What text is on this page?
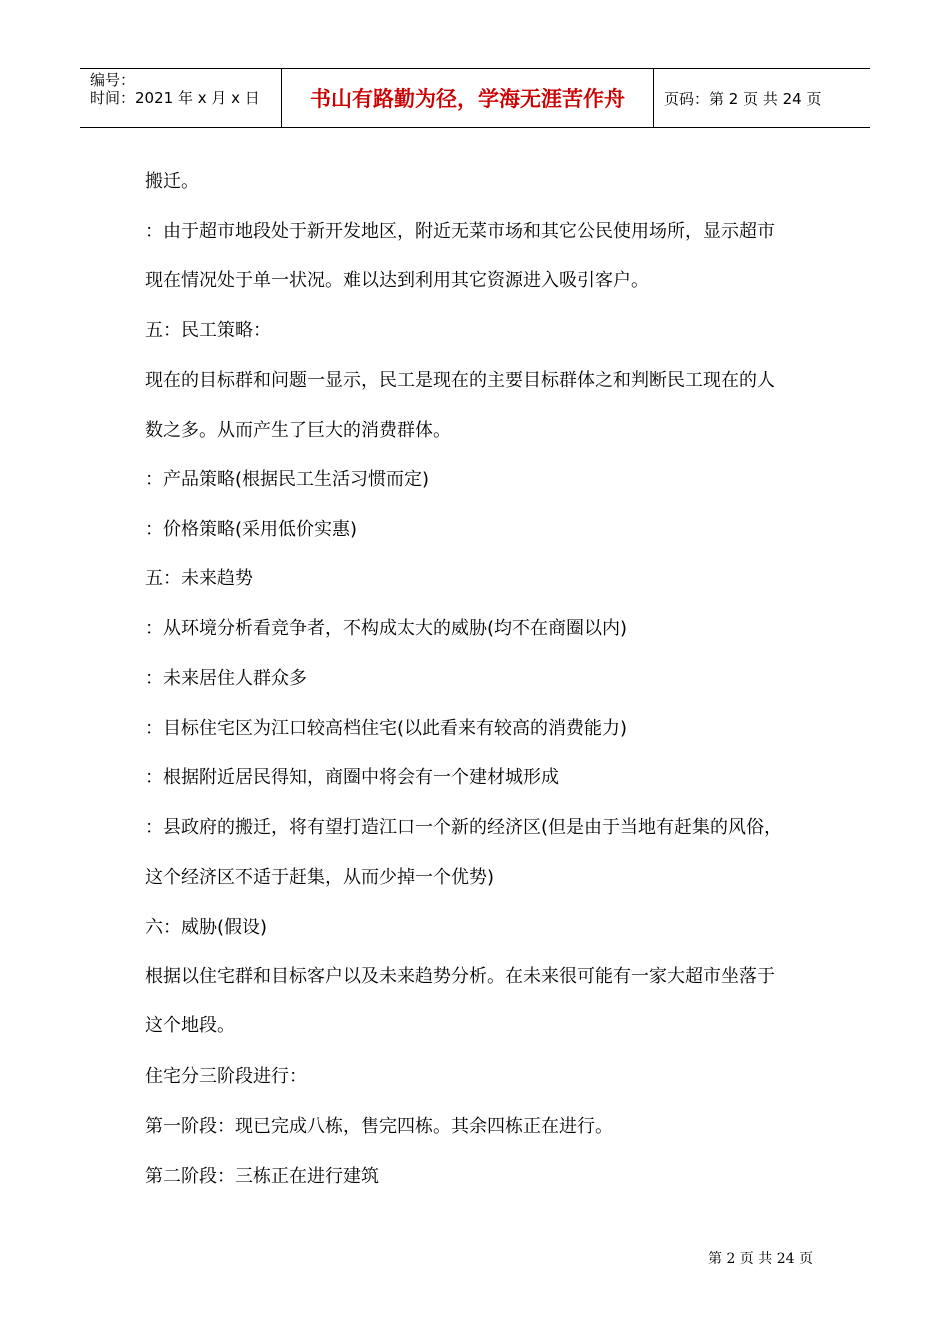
编号：
时间：2021 年 x 月 x 日	书山有路勤为径，学海无涯苦作舟	页码：第 2 页 共 24 页
搬迁。
：由于超市地段处于新开发地区，附近无菜市场和其它公民使用场所，显示超市
现在情况处于单一状况。难以达到利用其它资源进入吸引客户。
五：民工策略：
现在的目标群和问题一显示，民工是现在的主要目标群体之和判断民工现在的人
数之多。从而产生了巨大的消费群体。
：产品策略(根据民工生活习惯而定)
：价格策略(采用低价实惠)
五：未来趋势
：从环境分析看竞争者，不构成太大的威胁(均不在商圈以内)
：未来居住人群众多
：目标住宅区为江口较高档住宅(以此看来有较高的消费能力)
：根据附近居民得知，商圈中将会有一个建材城形成
：县政府的搬迁，将有望打造江口一个新的经济区(但是由于当地有赶集的风俗，
这个经济区不适于赶集，从而少掉一个优势)
六：威胁(假设)
根据以住宅群和目标客户以及未来趋势分析。在未来很可能有一家大超市坐落于
这个地段。
住宅分三阶段进行：
第一阶段：现已完成八栋，售完四栋。其余四栋正在进行。
第二阶段：三栋正在进行建筑
第 2 页 共 24 页
